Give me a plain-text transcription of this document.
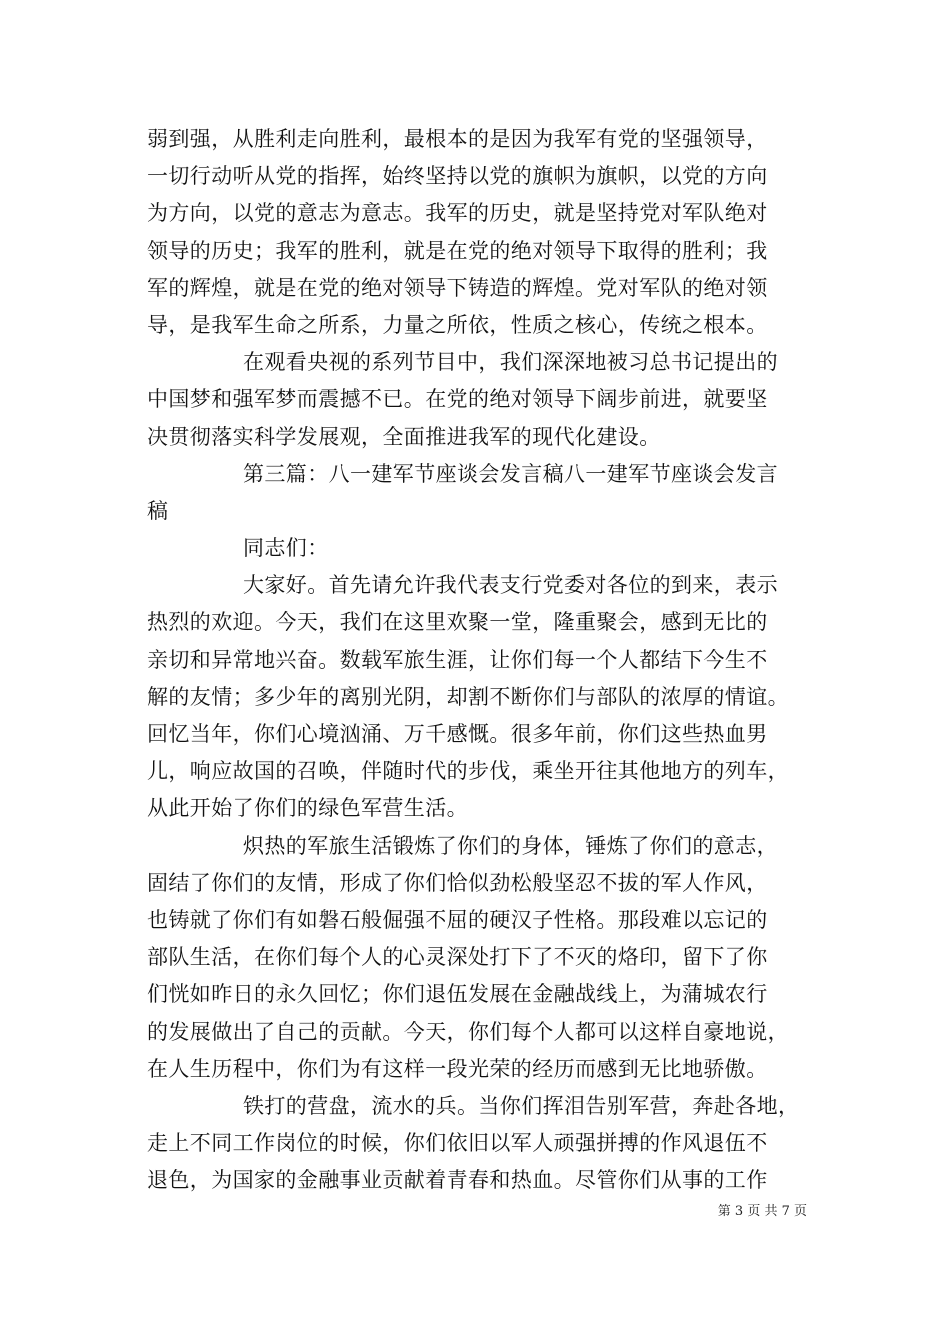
弱到强，从胜利走向胜利，最根本的是因为我军有党的坚强领导，
一切行动听从党的指挥，始终坚持以党的旗帜为旗帜，以党的方向
为方向，以党的意志为意志。我军的历史，就是坚持党对军队绝对
领导的历史；我军的胜利，就是在党的绝对领导下取得的胜利；我
军的辉煌，就是在党的绝对领导下铸造的辉煌。党对军队的绝对领
导，是我军生命之所系，力量之所依，性质之核心，传统之根本。
在观看央视的系列节目中，我们深深地被习总书记提出的
中国梦和强军梦而震撼不已。在党的绝对领导下阔步前进，就要坚
决贯彻落实科学发展观，全面推进我军的现代化建设。
第三篇：八一建军节座谈会发言稿八一建军节座谈会发言
稿
同志们：
大家好。首先请允许我代表支行党委对各位的到来，表示
热烈的欢迎。今天，我们在这里欢聚一堂，隆重聚会，感到无比的
亲切和异常地兴奋。数载军旅生涯，让你们每一个人都结下今生不
解的友情；多少年的离别光阴，却割不断你们与部队的浓厚的情谊。
回忆当年，你们心境汹涌、万千感慨。很多年前，你们这些热血男
儿，响应故国的召唤，伴随时代的步伐，乘坐开往其他地方的列车，
从此开始了你们的绿色军营生活。
炽热的军旅生活锻炼了你们的身体，锤炼了你们的意志，
固结了你们的友情，形成了你们恰似劲松般坚忍不拔的军人作风，
也铸就了你们有如磐石般倔强不屈的硬汉子性格。那段难以忘记的
部队生活，在你们每个人的心灵深处打下了不灭的烙印，留下了你
们恍如昨日的永久回忆；你们退伍发展在金融战线上，为蒲城农行
的发展做出了自己的贡献。今天，你们每个人都可以这样自豪地说，
在人生历程中，你们为有这样一段光荣的经历而感到无比地骄傲。
铁打的营盘，流水的兵。当你们挥泪告别军营，奔赴各地，
走上不同工作岗位的时候，你们依旧以军人顽强拼搏的作风退伍不
退色，为国家的金融事业贡献着青春和热血。尽管你们从事的工作
第 3 页 共 7 页
